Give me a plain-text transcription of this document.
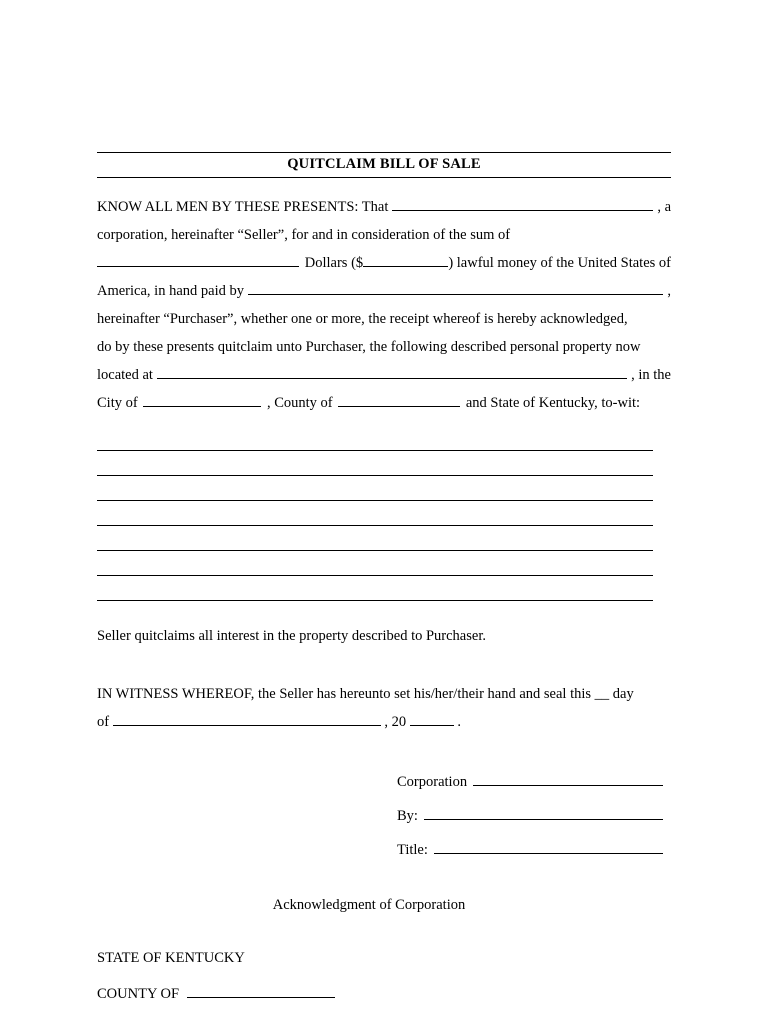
QUITCLAIM BILL OF SALE
KNOW ALL MEN BY THESE PRESENTS: That	, a
corporation, hereinafter “Seller”, for and in consideration of the sum of
Dollars ($	) lawful money of the United States of
America, in hand paid by	,
hereinafter “Purchaser”, whether one or more, the receipt whereof is hereby acknowledged,
do by these presents quitclaim unto Purchaser, the following described personal property now
located at	, in the
City of	, County of	and State of Kentucky, to-wit:
Seller quitclaims all interest in the property described to Purchaser.
IN WITNESS WHEREOF, the Seller has hereunto set his/her/their hand and seal this __ day
of	, 20	.
Corporation
By:
Title:
Acknowledgment of Corporation
STATE OF KENTUCKY
COUNTY OF
